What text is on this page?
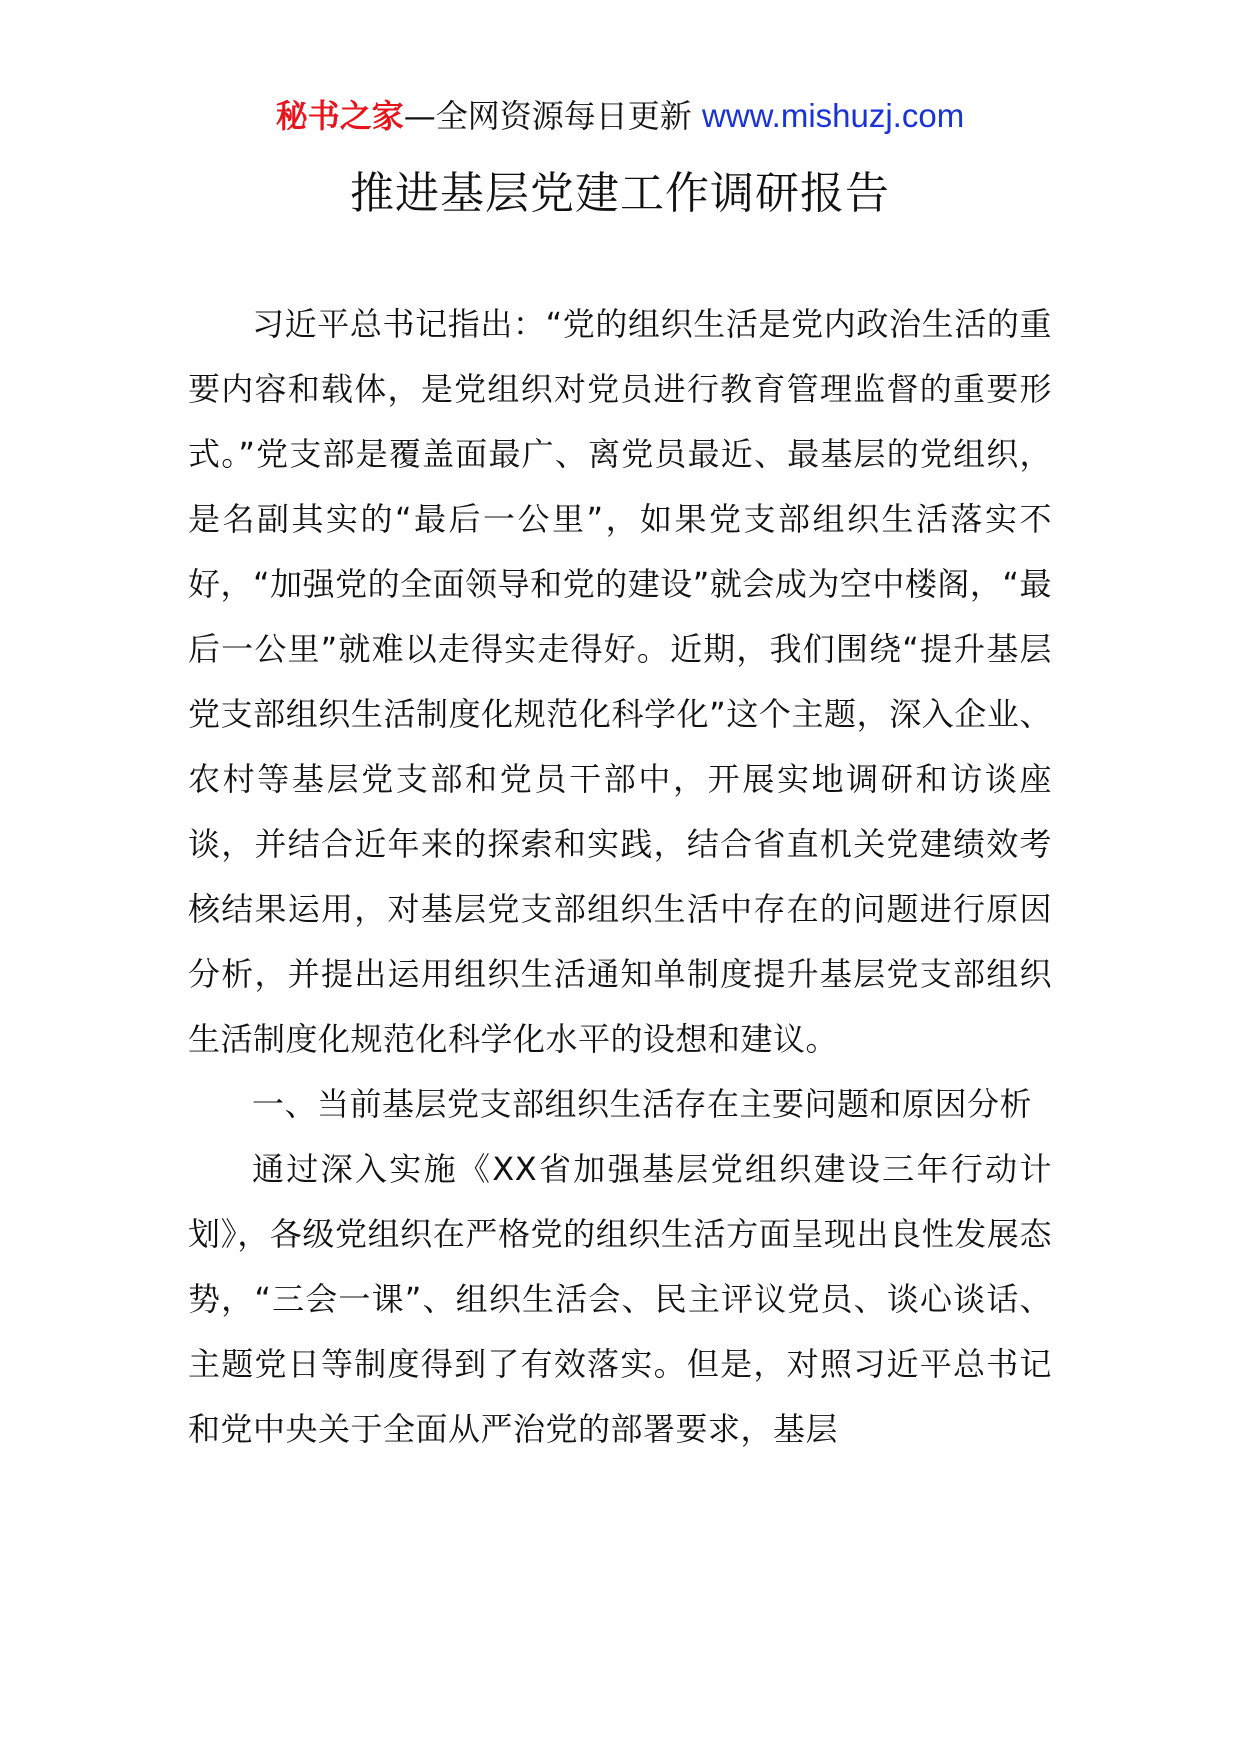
秘书之家—全网资源每日更新 www.mishuzj.com
推进基层党建工作调研报告

习近平总书记指出：“党的组织生活是党内政治生活的重要内容和载体，是党组织对党员进行教育管理监督的重要形式。”党支部是覆盖面最广、离党员最近、最基层的党组织，是名副其实的“最后一公里”，如果党支部组织生活落实不好，“加强党的全面领导和党的建设”就会成为空中楼阁，“最后一公里”就难以走得实走得好。近期，我们围绕“提升基层党支部组织生活制度化规范化科学化”这个主题，深入企业、农村等基层党支部和党员干部中，开展实地调研和访谈座谈，并结合近年来的探索和实践，结合省直机关党建绩效考核结果运用，对基层党支部组织生活中存在的问题进行原因分析，并提出运用组织生活通知单制度提升基层党支部组织生活制度化规范化科学化水平的设想和建议。

一、当前基层党支部组织生活存在主要问题和原因分析

通过深入实施《XX省加强基层党组织建设三年行动计划》，各级党组织在严格党的组织生活方面呈现出良性发展态势，“三会一课”、组织生活会、民主评议党员、谈心谈话、主题党日等制度得到了有效落实。但是，对照习近平总书记和党中央关于全面从严治党的部署要求，基层
